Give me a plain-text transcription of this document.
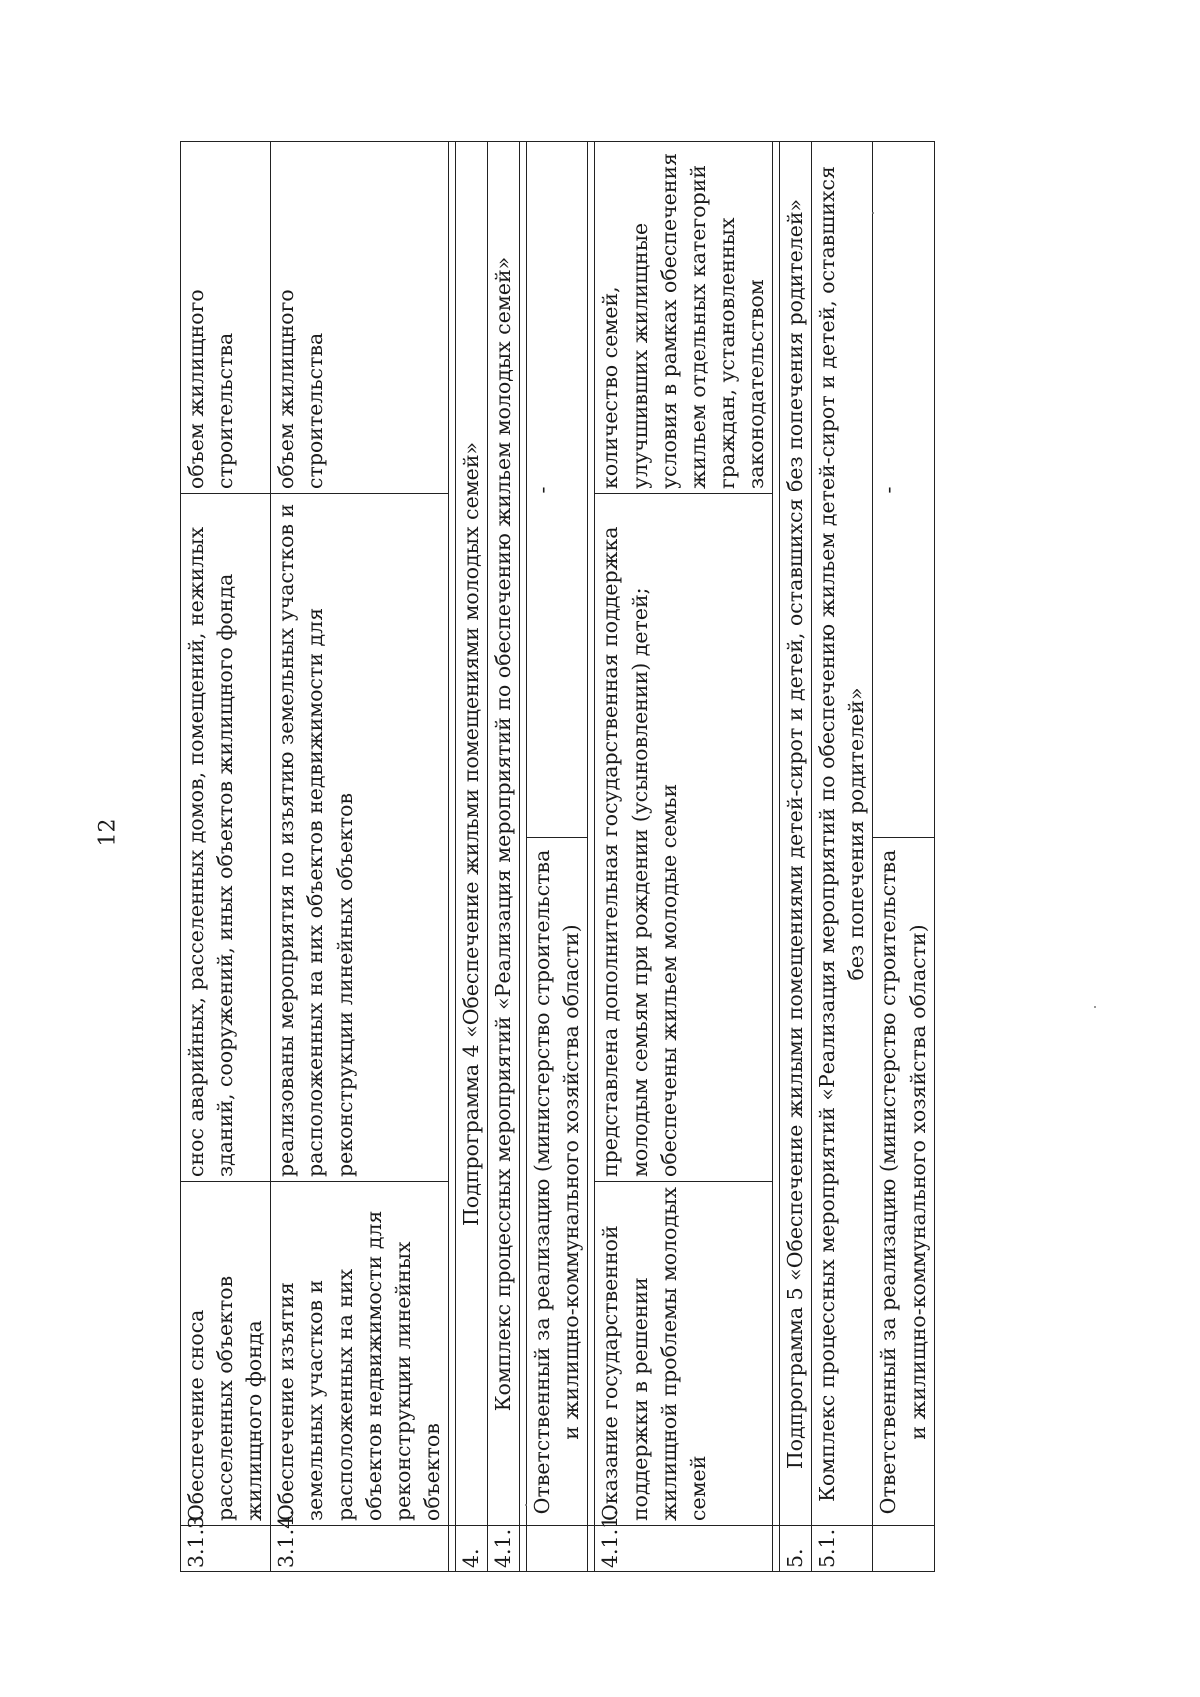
12
3.1.3.	Обеспечение сноса расселенных объектов жилищного фонда	снос аварийных, расселенных домов, помещений, нежилых зданий, сооружений, иных объектов жилищного фонда		объем жилищного строительства
3.1.4.	Обеспечение изъятия земельных участков и расположенных на них объектов недвижимости для реконструкции линейных объектов	реализованы мероприятия по изъятию земельных участков и расположенных на них объектов недвижимости для реконструкции линейных объектов		объем жилищного строительства

4.	Подпрограмма 4 «Обеспечение жильми помещениями молодых семей»			
4.1.	Комплекс процессных мероприятий «Реализация мероприятий по обеспечению жильем молодых семей»			

	Ответственный за реализацию (министерство строительства и жилищно-коммунального хозяйства области)		-	

4.1.1.	Оказание государственной поддержки в решении жилищной проблемы молодых семей	представлена дополнительная государственная поддержка молодым семьям при рождении (усыновлении) детей; обеспечены жильем молодые семьи		количество семей, улучшивших жилищные условия в рамках обеспечения жильем отдельных категорий граждан, установленных законодательством

5.	Подпрограмма 5 «Обеспечение жилыми помещениями детей-сирот и детей, оставшихся без попечения родителей»			
5.1.	Комплекс процессных мероприятий «Реализация мероприятий по обеспечению жильем детей-сирот и детей, оставшихся без попечения родителей»			
	Ответственный за реализацию (министерство строительства и жилищно-коммунального хозяйства области)		-	
